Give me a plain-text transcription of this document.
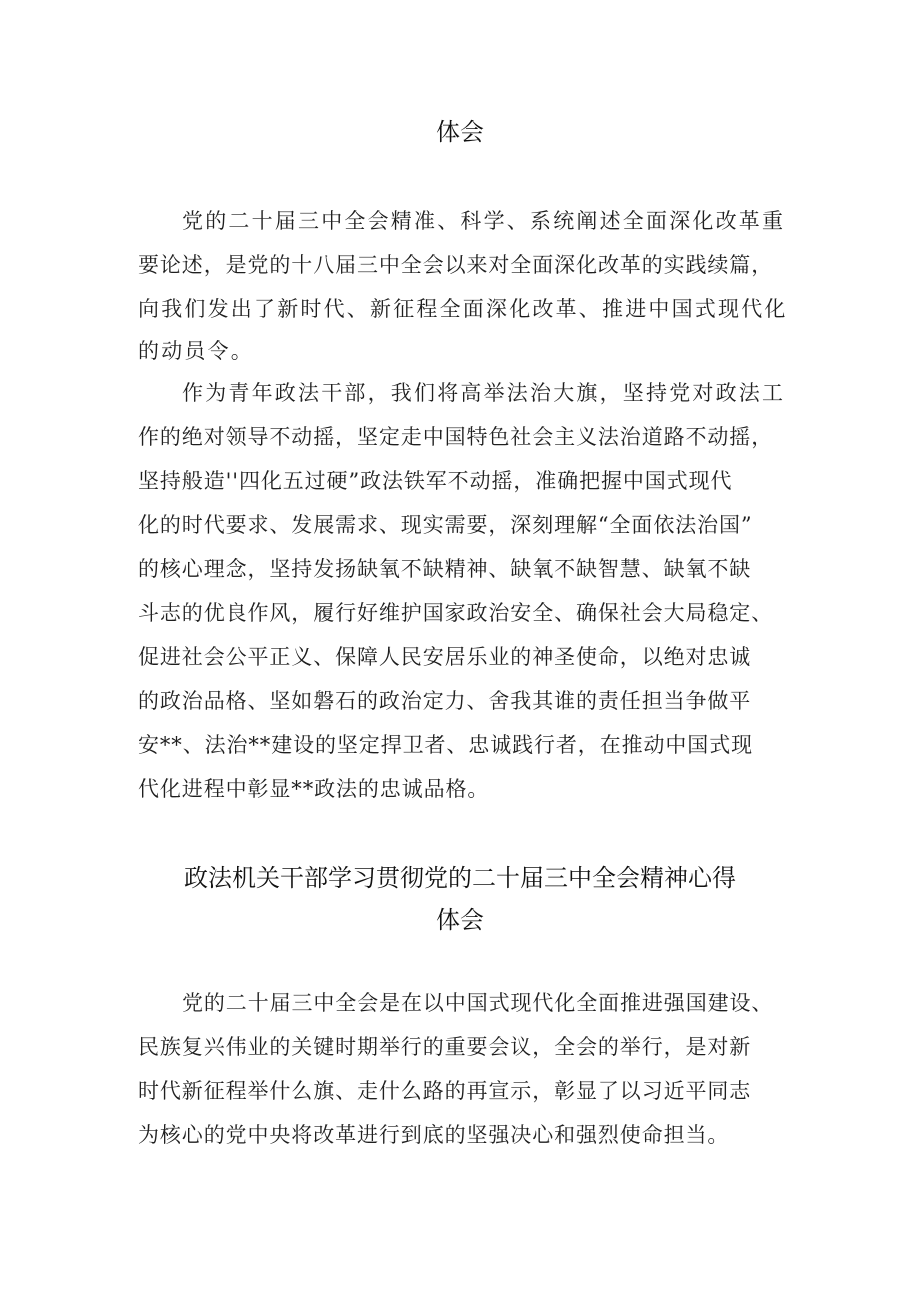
体会
党的二十届三中全会精准、科学、系统阐述全面深化改革重
要论述，是党的十八届三中全会以来对全面深化改革的实践续篇，
向我们发出了新时代、新征程全面深化改革、推进中国式现代化
的动员令。
作为青年政法干部，我们将高举法治大旗，坚持党对政法工
作的绝对领导不动摇，坚定走中国特色社会主义法治道路不动摇，
坚持般造''四化五过硬”政法铁军不动摇，准确把握中国式现代
化的时代要求、发展需求、现实需要，深刻理解“全面依法治国”
的核心理念，坚持发扬缺氧不缺精神、缺氧不缺智慧、缺氧不缺
斗志的优良作风，履行好维护国家政治安全、确保社会大局稳定、
促进社会公平正义、保障人民安居乐业的神圣使命，以绝对忠诚
的政治品格、坚如磐石的政治定力、舍我其谁的责任担当争做平
安**、法治**建设的坚定捍卫者、忠诚践行者，在推动中国式现
代化进程中彰显**政法的忠诚品格。
政法机关干部学习贯彻党的二十届三中全会精神心得
体会
党的二十届三中全会是在以中国式现代化全面推进强国建设、
民族复兴伟业的关键时期举行的重要会议，全会的举行，是对新
时代新征程举什么旗、走什么路的再宣示，彰显了以习近平同志
为核心的党中央将改革进行到底的坚强决心和强烈使命担当。
